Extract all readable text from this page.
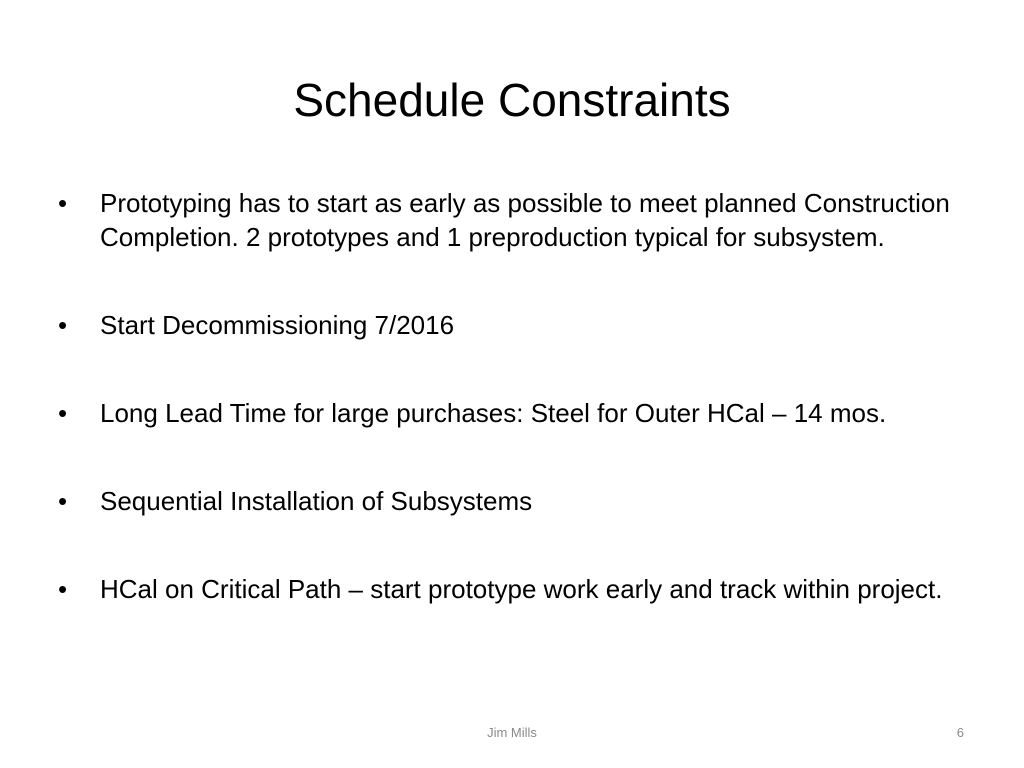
Schedule Constraints
• Prototyping has to start as early as possible to meet planned Construction Completion. 2 prototypes and 1 preproduction typical for subsystem.
• Start Decommissioning 7/2016
• Long Lead Time for large purchases: Steel for Outer HCal – 14 mos.
• Sequential Installation of Subsystems
• HCal on Critical Path – start prototype work early and track within project.
Jim Mills	6
